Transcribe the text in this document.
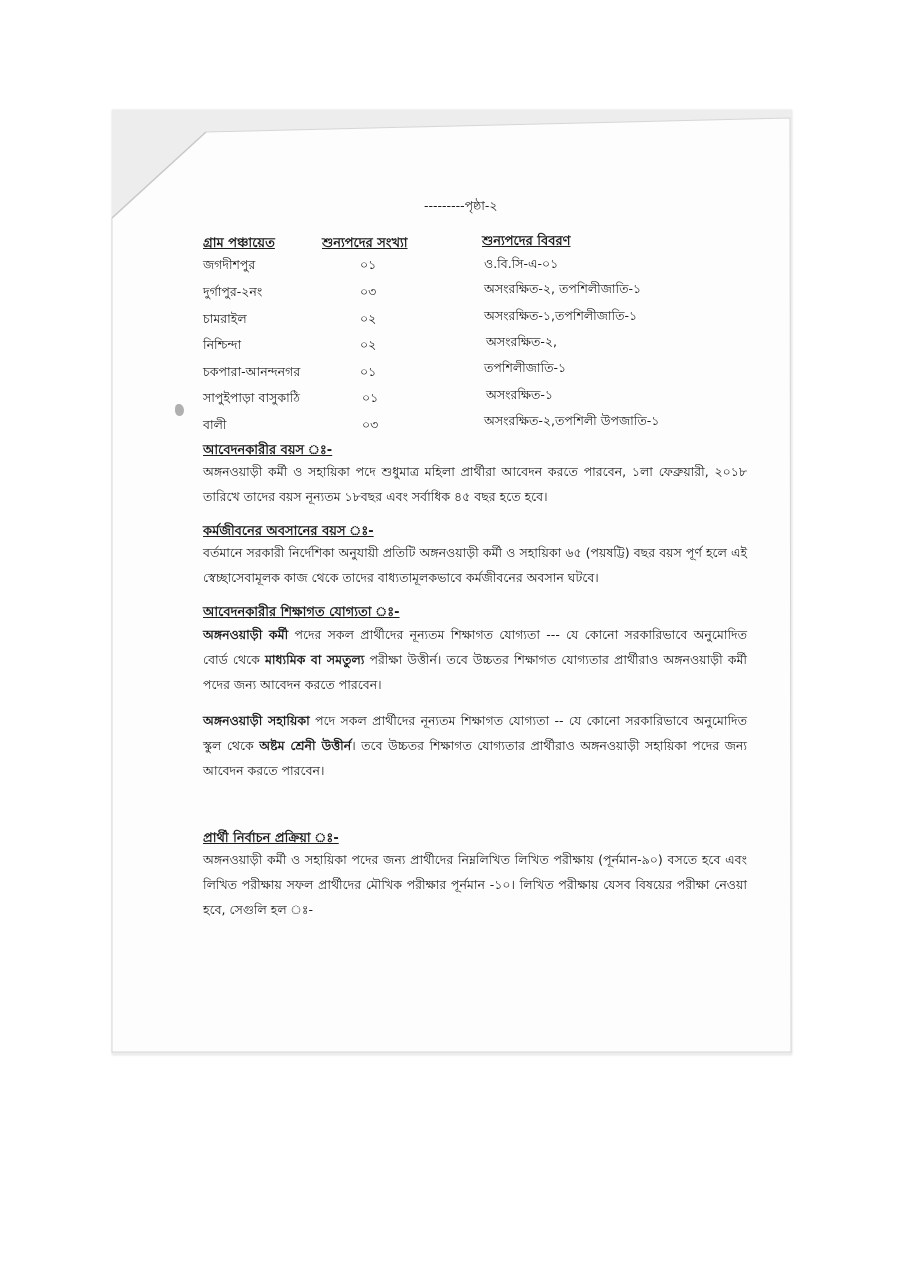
---------পৃষ্ঠা-২
গ্রাম পঞ্চায়েত	শুন্যপদের সংখ্যা	শুন্যপদের বিবরণ
জগদীশপুর	০১	ও.বি.সি-এ-০১
দুর্গাপুর-২নং	০৩	অসংরক্ষিত-২, তপশিলীজাতি-১
চামরাইল	০২	অসংরক্ষিত-১,তপশিলীজাতি-১
নিশ্চিন্দা	০২	অসংরক্ষিত-২,
চকপারা-আনন্দনগর	০১	তপশিলীজাতি-১
সাপুইপাড়া বাসুকাঠি	০১	অসংরক্ষিত-১
বালী	০৩	অসংরক্ষিত-২,তপশিলী উপজাতি-১
আবেদনকারীর বয়স ঃ-
অঙ্গনওয়াড়ী কর্মী ও সহায়িকা পদে শুধুমাত্র মহিলা প্রার্থীরা আবেদন করতে পারবেন, ১লা ফেব্রুয়ারী, ২০১৮ তারিখে তাদের বয়স নূন্যতম ১৮বছর এবং সর্বাধিক ৪৫ বছর হতে হবে।
কর্মজীবনের অবসানের বয়স ঃ-
বর্তমানে সরকারী নির্দেশিকা অনুযায়ী প্রতিটি অঙ্গনওয়াড়ী কর্মী ও সহায়িকা ৬৫ (পয়ষট্টি) বছর বয়স পূর্ণ হলে এই স্বেচ্ছাসেবামূলক কাজ থেকে তাদের বাধ্যতামূলকভাবে কর্মজীবনের অবসান ঘটবে।
আবেদনকারীর শিক্ষাগত যোগ্যতা ঃ-
অঙ্গনওয়াড়ী কর্মী পদের সকল প্রার্থীদের নূন্যতম শিক্ষাগত যোগ্যতা --- যে কোনো সরকারিভাবে অনুমোদিত বোর্ড থেকে মাধ্যমিক বা সমতুল্য পরীক্ষা উত্তীর্ন। তবে উচ্চতর শিক্ষাগত যোগ্যতার প্রার্থীরাও অঙ্গনওয়াড়ী কর্মী পদের জন্য আবেদন করতে পারবেন।
অঙ্গনওয়াড়ী সহায়িকা পদে সকল প্রার্থীদের নূন্যতম শিক্ষাগত যোগ্যতা -- যে কোনো সরকারিভাবে অনুমোদিত স্কুল থেকে অষ্টম শ্রেনী উত্তীর্ন। তবে উচ্চতর শিক্ষাগত যোগ্যতার প্রার্থীরাও অঙ্গনওয়াড়ী সহায়িকা পদের জন্য আবেদন করতে পারবেন।
প্রার্থী নির্বাচন প্রক্রিয়া ঃ-
অঙ্গনওয়াড়ী কর্মী ও সহায়িকা পদের জন্য প্রার্থীদের নিম্নলিখিত লিখিত পরীক্ষায় (পূর্নমান-৯০) বসতে হবে এবং লিখিত পরীক্ষায় সফল প্রার্থীদের মৌখিক পরীক্ষার পূর্নমান -১০। লিখিত পরীক্ষায় যেসব বিষয়ের পরীক্ষা নেওয়া হবে, সেগুলি হল ঃ-
